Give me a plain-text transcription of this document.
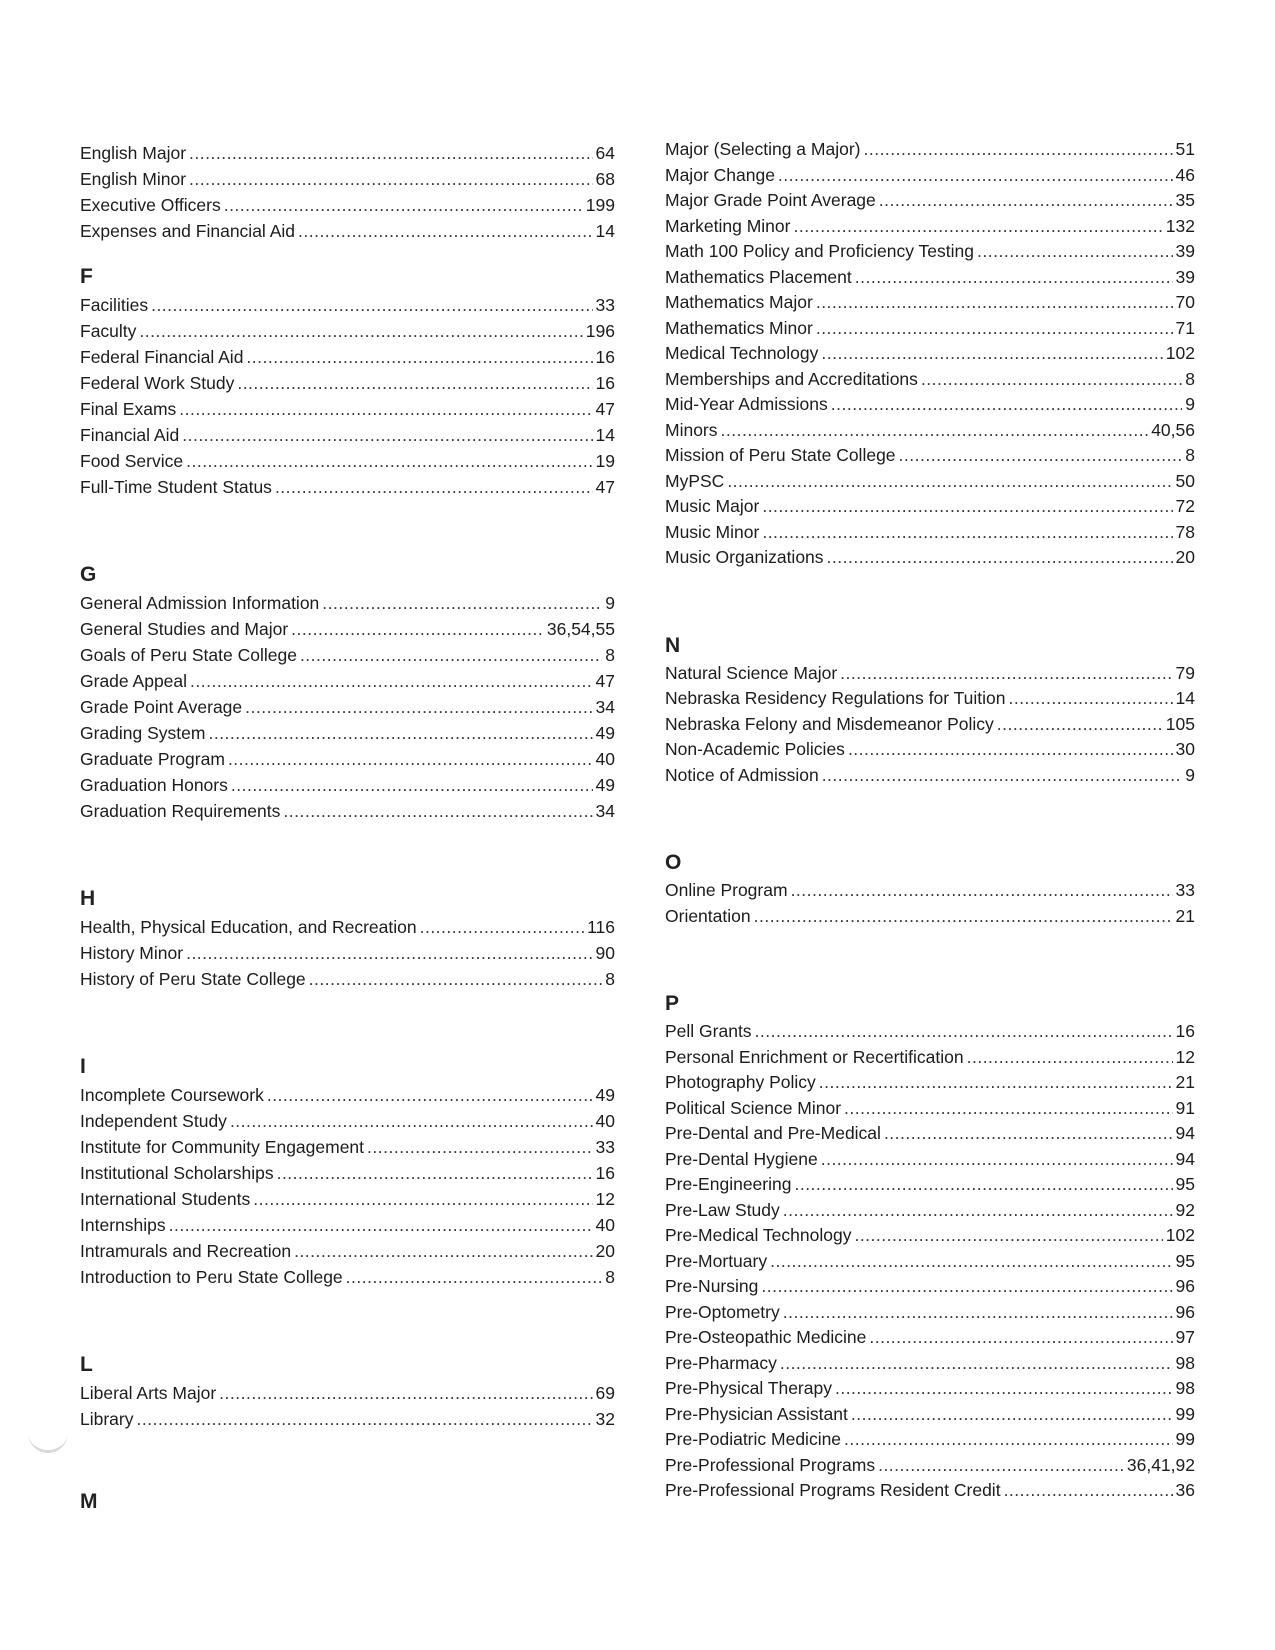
English Major .....	64
English Minor .....	68
Executive Officers .....	199
Expenses and Financial Aid .....	14
F
Facilities .....	33
Faculty .....	196
Federal Financial Aid .....	16
Federal Work Study .....	16
Final Exams .....	47
Financial Aid .....	14
Food Service .....	19
Full-Time Student Status .....	47
G
General Admission Information .....	9
General Studies and Major .....	36,54,55
Goals of Peru State College .....	8
Grade Appeal .....	47
Grade Point Average .....	34
Grading System .....	49
Graduate Program .....	40
Graduation Honors .....	49
Graduation Requirements .....	34
H
Health, Physical Education, and Recreation .....	116
History Minor .....	90
History of Peru State College .....	8
I
Incomplete Coursework .....	49
Independent Study .....	40
Institute for Community Engagement .....	33
Institutional Scholarships .....	16
International Students .....	12
Internships .....	40
Intramurals and Recreation .....	20
Introduction to Peru State College .....	8
L
Liberal Arts Major .....	69
Library .....	32
M
Major (Selecting a Major) .....	51
Major Change .....	46
Major Grade Point Average .....	35
Marketing Minor .....	132
Math 100 Policy and Proficiency Testing .....	39
Mathematics Placement .....	39
Mathematics Major .....	70
Mathematics Minor .....	71
Medical Technology .....	102
Memberships and Accreditations .....	8
Mid-Year Admissions .....	9
Minors .....	40,56
Mission of Peru State College .....	8
MyPSC .....	50
Music Major .....	72
Music Minor .....	78
Music Organizations .....	20
N
Natural Science Major .....	79
Nebraska Residency Regulations for Tuition .....	14
Nebraska Felony and Misdemeanor Policy .....	105
Non-Academic Policies .....	30
Notice of Admission .....	9
O
Online Program .....	33
Orientation .....	21
P
Pell Grants .....	16
Personal Enrichment or Recertification .....	12
Photography Policy .....	21
Political Science Minor .....	91
Pre-Dental and Pre-Medical .....	94
Pre-Dental Hygiene .....	94
Pre-Engineering .....	95
Pre-Law Study .....	92
Pre-Medical Technology .....	102
Pre-Mortuary .....	95
Pre-Nursing .....	96
Pre-Optometry .....	96
Pre-Osteopathic Medicine .....	97
Pre-Pharmacy .....	98
Pre-Physical Therapy .....	98
Pre-Physician Assistant .....	99
Pre-Podiatric Medicine .....	99
Pre-Professional Programs .....	36,41,92
Pre-Professional Programs Resident Credit .....	36
